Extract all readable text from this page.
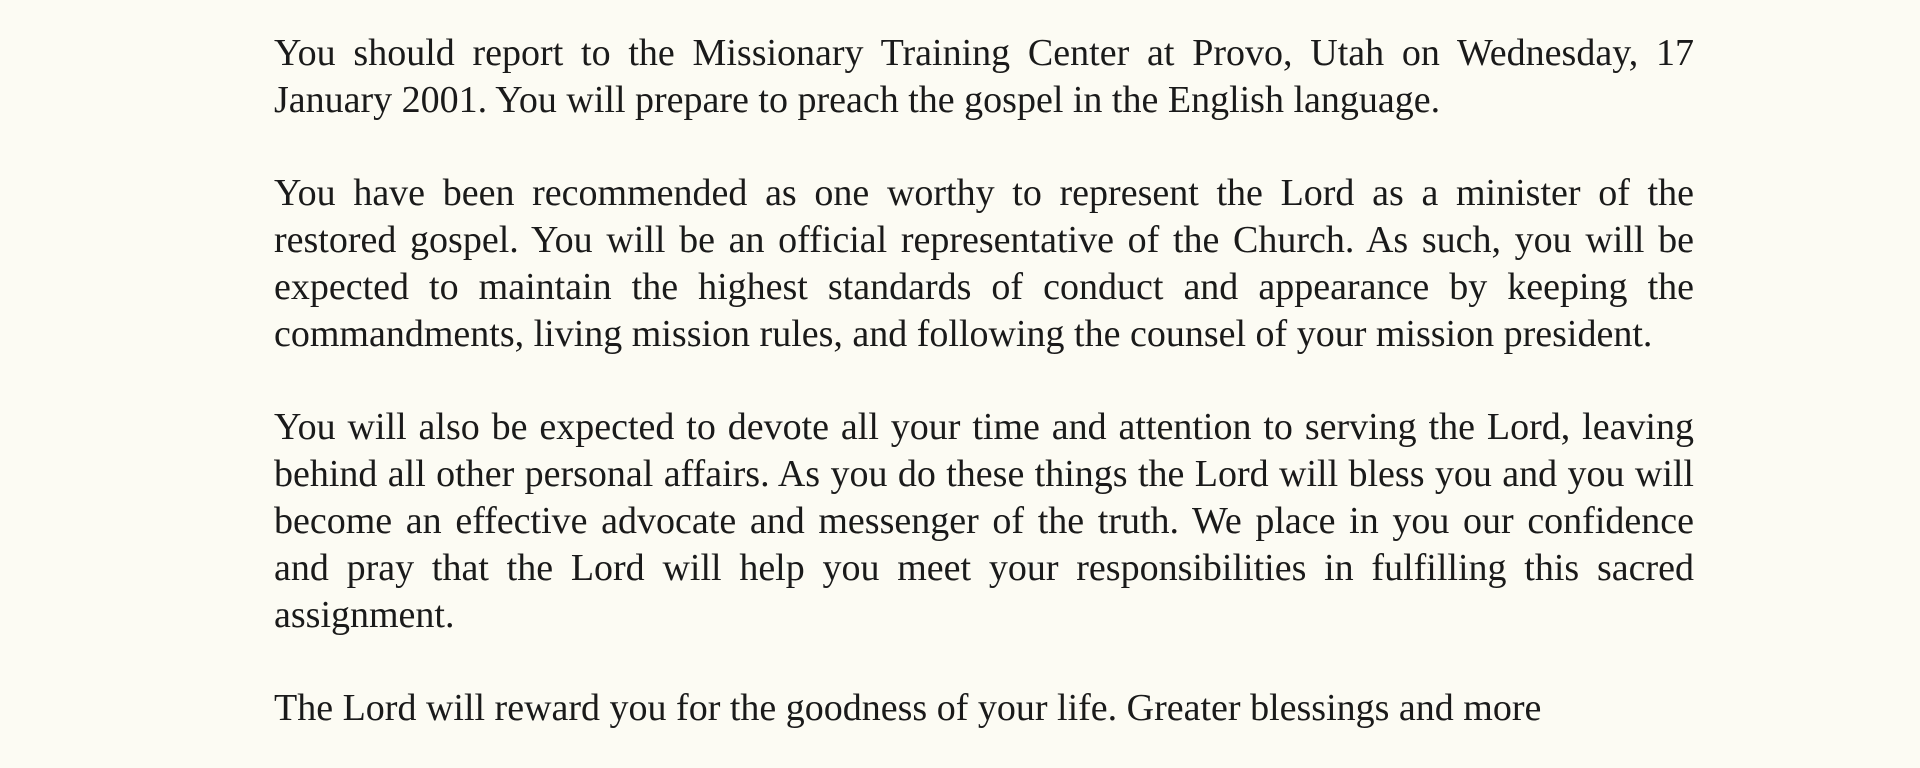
You should report to the Missionary Training Center at Provo, Utah on Wednesday, 17 January 2001. You will prepare to preach the gospel in the English language.

You have been recommended as one worthy to represent the Lord as a minister of the restored gospel. You will be an official representative of the Church. As such, you will be expected to maintain the highest standards of conduct and appearance by keeping the commandments, living mission rules, and following the counsel of your mission president.

You will also be expected to devote all your time and attention to serving the Lord, leaving behind all other personal affairs. As you do these things the Lord will bless you and you will become an effective advocate and messenger of the truth. We place in you our confidence and pray that the Lord will help you meet your responsibilities in fulfilling this sacred assignment.

The Lord will reward you for the goodness of your life. Greater blessings and more
